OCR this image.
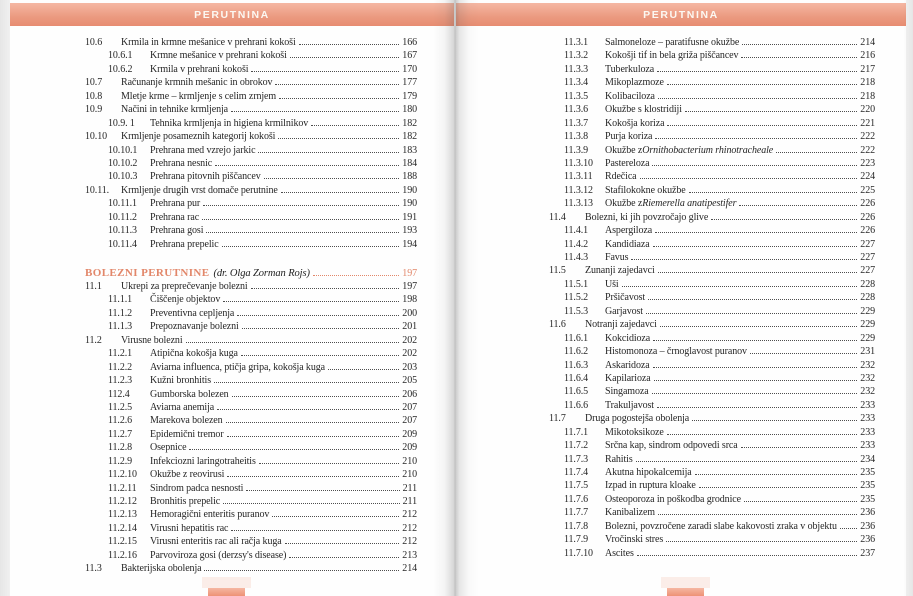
PERUTNINA
10.6	Krmila in krmne mešanice v prehrani kokoši	166
10.6.1	Krmne mešanice v prehrani kokoši	167
10.6.2	Krmila v prehrani kokoši	170
10.7	Računanje krmnih mešanic in obrokov	177
10.8	Mletje krme – krmljenje s celim zrnjem	179
10.9	Načini in tehnike krmljenja	180
10.9. 1	Tehnika krmljenja in higiena krmilnikov	182
10.10	Krmljenje posameznih kategorij kokoši	182
10.10.1	Prehrana med vzrejo jarkic	183
10.10.2	Prehrana nesnic	184
10.10.3	Prehrana pitovnih piščancev	188
10.11.	Krmljenje drugih vrst domače perutnine	190
10.11.1	Prehrana pur	190
10.11.2	Prehrana rac	191
10.11.3	Prehrana gosi	193
10.11.4	Prehrana prepelic	194
BOLEZNI PERUTNINE (dr. Olga Zorman Rojs)	197
11.1	Ukrepi za preprečevanje bolezni	197
11.1.1	Čiščenje objektov	198
11.1.2	Preventivna cepljenja	200
11.1.3	Prepoznavanje bolezni	201
11.2	Virusne bolezni	202
11.2.1	Atipična kokošja kuga	202
11.2.2	Aviarna influenca, ptičja gripa, kokošja kuga	203
11.2.3	Kužni bronhitis	205
112.4	Gumborska bolezen	206
11.2.5	Aviarna anemija	207
11.2.6	Marekova bolezen	207
11.2.7	Epidemični tremor	209
11.2.8	Osepnice	209
11.2.9	Infekciozni laringotraheitis	210
11.2.10	Okužbe z reovirusi	210
11.2.11	Sindrom padca nesnosti	211
11.2.12	Bronhitis prepelic	211
11.2.13	Hemoragični enteritis puranov	212
11.2.14	Virusni hepatitis rac	212
11.2.15	Virusni enteritis rac ali račja kuga	212
11.2.16	Parvoviroza gosi (derzsy's disease)	213
11.3	Bakterijska obolenja	214
PERUTNINA
11.3.1	Salmoneloze – paratifusne okužbe	214
11.3.2	Kokošji tif in bela griža piščancev	216
11.3.3	Tuberkuloza	217
11.3.4	Mikoplazmoze	218
11.3.5	Kolibaciloza	218
11.3.6	Okužbe s klostridiji	220
11.3.7	Kokošja koriza	221
11.3.8	Purja koriza	222
11.3.9	Okužbe z Ornithobacterium rhinotracheale	222
11.3.10	Pastereloza	223
11.3.11	Rdečica	224
11.3.12	Stafilokokne okužbe	225
11.3.13	Okužbe z Riemerella anatipestifer	226
11.4	Bolezni, ki jih povzročajo glive	226
11.4.1	Aspergiloza	226
11.4.2	Kandidiaza	227
11.4.3	Favus	227
11.5	Zunanji zajedavci	227
11.5.1	Uši	228
11.5.2	Pršičavost	228
11.5.3	Garjavost	229
11.6	Notranji zajedavci	229
11.6.1	Kokcidioza	229
11.6.2	Histomonoza – črnoglavost puranov	231
11.6.3	Askaridoza	232
11.6.4	Kapilarioza	232
11.6.5	Singamoza	232
11.6.6	Trakuljavost	233
11.7	Druga pogostejša obolenja	233
11.7.1	Mikotoksikoze	233
11.7.2	Srčna kap, sindrom odpovedi srca	233
11.7.3	Rahitis	234
11.7.4	Akutna hipokalcemija	235
11.7.5	Izpad in ruptura kloake	235
11.7.6	Osteoporoza in poškodba grodnice	235
11.7.7	Kanibalizem	236
11.7.8	Bolezni, povzročene zaradi slabe kakovosti zraka v objektu 236
11.7.9	Vročinski stres	236
11.7.10	Ascites	237
